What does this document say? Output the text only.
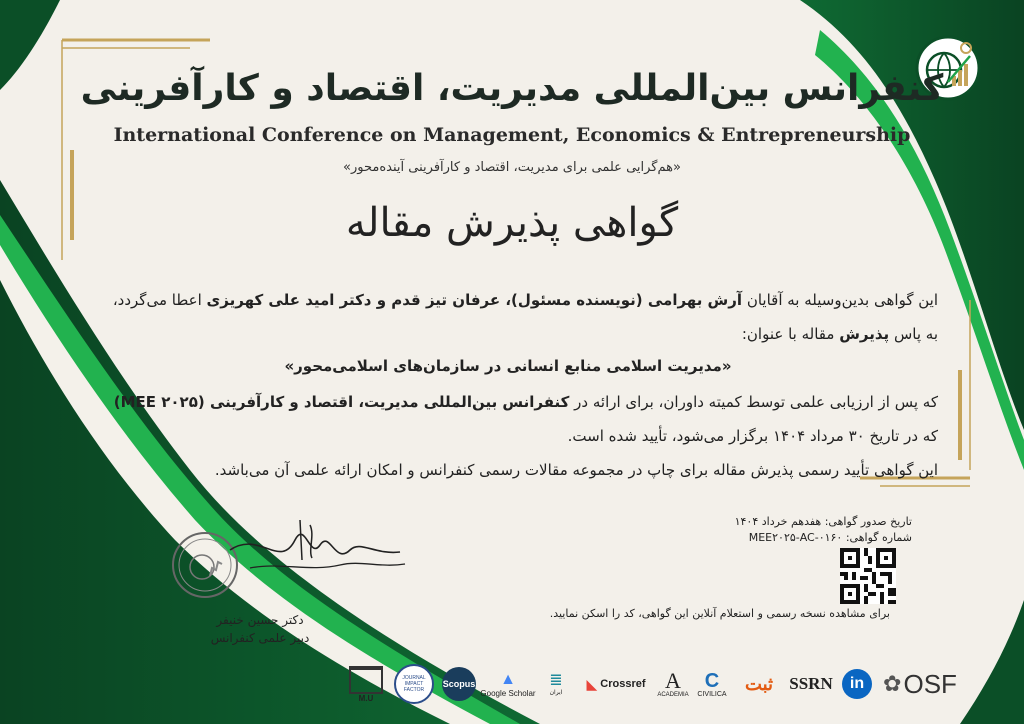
کنفرانس بین‌المللی مدیریت، اقتصاد و کارآفرینی
International Conference on Management, Economics & Entrepreneurship
«هم‌گرایی علمی برای مدیریت، اقتصاد و کارآفرینی آینده‌محور»
گواهی پذیرش مقاله
این گواهی بدین‌وسیله به آقایان آرش بهرامی (نویسنده مسئول)، عرفان تیز قدم و دکتر امید علی کهریزی اعطا می‌گردد،
به پاس پذیرش مقاله با عنوان:
«مدیریت اسلامی منابع انسانی در سازمان‌های اسلامی‌محور»
که پس از ارزیابی علمی توسط کمیته داوران، برای ارائه در کنفرانس بین‌المللی مدیریت، اقتصاد و کارآفرینی (MEE ۲۰۲۵)
که در تاریخ ۳۰ مرداد ۱۴۰۴ برگزار می‌شود، تأیید شده است.
این گواهی تأیید رسمی پذیرش مقاله برای چاپ در مجموعه مقالات رسمی کنفرانس و امکان ارائه علمی آن می‌باشد.
تاریخ صدور گواهی: هفدهم خرداد ۱۴۰۴
شماره گواهی: MEE۲۰۲۵-AC-۰۱۶۰
برای مشاهده نسخه رسمی و استعلام آنلاین این گواهی، کد را اسکن نمایید.
دکتر حسین خنیفر
دبیر علمی کنفرانس
✿ OSF
in
SSRN
ثبت
C
CIVILICA
A
ACADEMIA
◣ Crossref
≣
ایران
▲
Google Scholar
Scopus
JOURNAL IMPACT FACTOR
M.U
